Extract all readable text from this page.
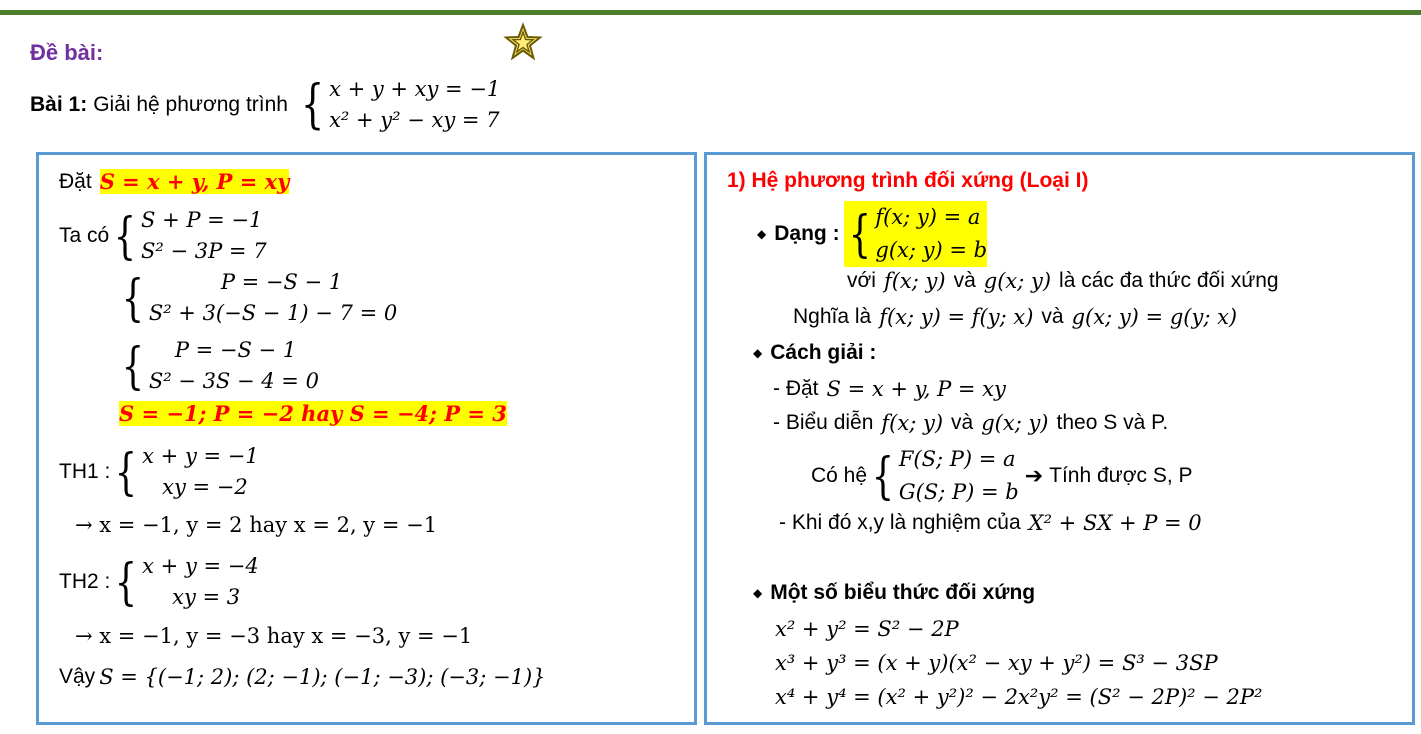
Đề bài:
Bài 1: Giải hệ phương trình { x + y + xy = −1
x² + y² − xy = 7
Đặt S = x + y, P = xy
Ta có { S + P = −1
S² − 3P = 7
{	P = −S − 1
S² + 3(−S − 1) − 7 = 0
{	P = −S − 1
S² − 3S − 4 = 0
S = −1; P = −2 hay S = −4; P = 3
TH1 : { x + y = −1
xy = −2
→ x = −1, y = 2 hay x = 2, y = −1
TH2 : { x + y = −4
xy = 3
→ x = −1, y = −3 hay x = −3, y = −1
Vậy S = {(−1; 2); (2; −1); (−1; −3); (−3; −1)}
1) Hệ phương trình đối xứng (Loại I)
◆ Dạng : { f(x; y) = a
g(x; y) = b
với f(x; y) và g(x; y) là các đa thức đối xứng
Nghĩa là f(x; y) = f(y; x) và g(x; y) = g(y; x)
◆ Cách giải :
- Đặt S = x + y, P = xy
- Biểu diễn f(x; y) và g(x; y) theo S và P.
Có hệ { F(S; P) = a
G(S; P) = b
➔ Tính được S, P
- Khi đó x,y là nghiệm của X² + SX + P = 0
◆ Một số biểu thức đối xứng
x² + y² = S² − 2P
x³ + y³ = (x + y)(x² − xy + y²) = S³ − 3SP
x⁴ + y⁴ = (x² + y²)² − 2x²y² = (S² − 2P)² − 2P²
